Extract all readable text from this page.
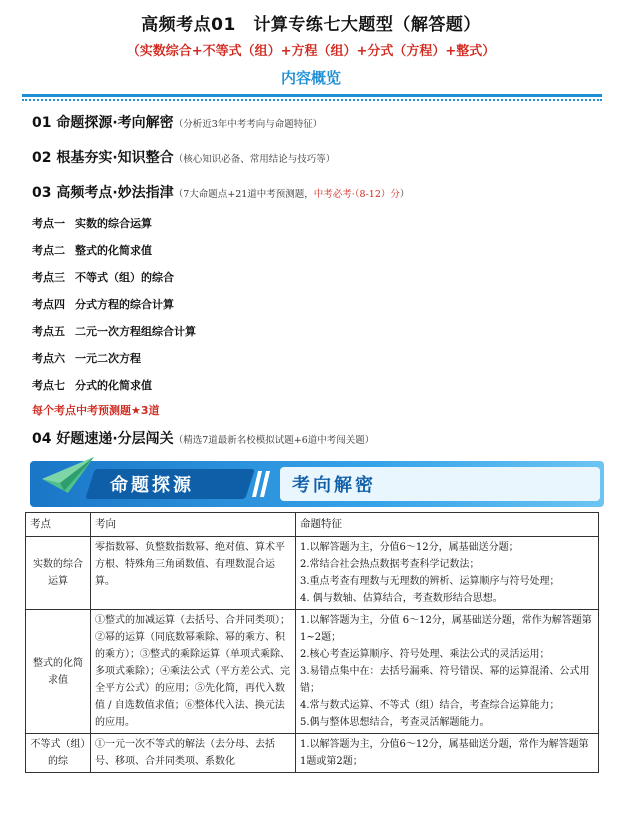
高频考点01　计算专练七大题型（解答题）
（实数综合+不等式（组）+方程（组）+分式（方程）+整式）
内容概览
01 命题探源·考向解密（分析近3年中考考向与命题特征）
02 根基夯实·知识整合（核心知识必备、常用结论与技巧等）
03 高频考点·妙法指津（7大命题点+21道中考预测题，中考必考·（8-12）分）
考点一 实数的综合运算
考点二 整式的化简求值
考点三 不等式（组）的综合
考点四 分式方程的综合计算
考点五 二元一次方程组综合计算
考点六 一元二次方程
考点七 分式的化简求值
每个考点中考预测题★3道
04 好题速递·分层闯关（精选7道最新名校模拟试题+6道中考闯关题）
命题探源	考向解密
考点	考向	命题特征
实数的综合运算	零指数幂、负整数指数幂、绝对值、算术平方根、特殊角三角函数值、有理数混合运算。	1.以解答题为主，分值6～12分，属基础送分题；
2.常结合社会热点数据考查科学记数法；
3.重点考查有理数与无理数的辨析、运算顺序与符号处理；
4. 偶与数轴、估算结合，考查数形结合思想。

整式的化简求值	①整式的加减运算（去括号、合并同类项）；②幂的运算（同底数幂乘除、幂的乘方、积的乘方）；③整式的乘除运算（单项式乘除、多项式乘除）；④乘法公式（平方差公式、完全平方公式）的应用；⑤先化简，再代入数值 / 自选数值求值；⑥整体代入法、换元法的应用。	1.以解答题为主，分值 6～12分，属基础送分题，常作为解答题第1~2题；
2.核心考查运算顺序、符号处理、乘法公式的灵活运用；
3.易错点集中在：去括号漏乘、符号错误、幂的运算混淆、公式用错；
4.常与数式运算、不等式（组）结合，考查综合运算能力；
5.偶与整体思想结合，考查灵活解题能力。

不等式（组）的综	①一元一次不等式的解法（去分母、去括号、移项、合并同类项、系数化	1.以解答题为主，分值6～12分，属基础送分题，常作为解答题第1题或第2题；
